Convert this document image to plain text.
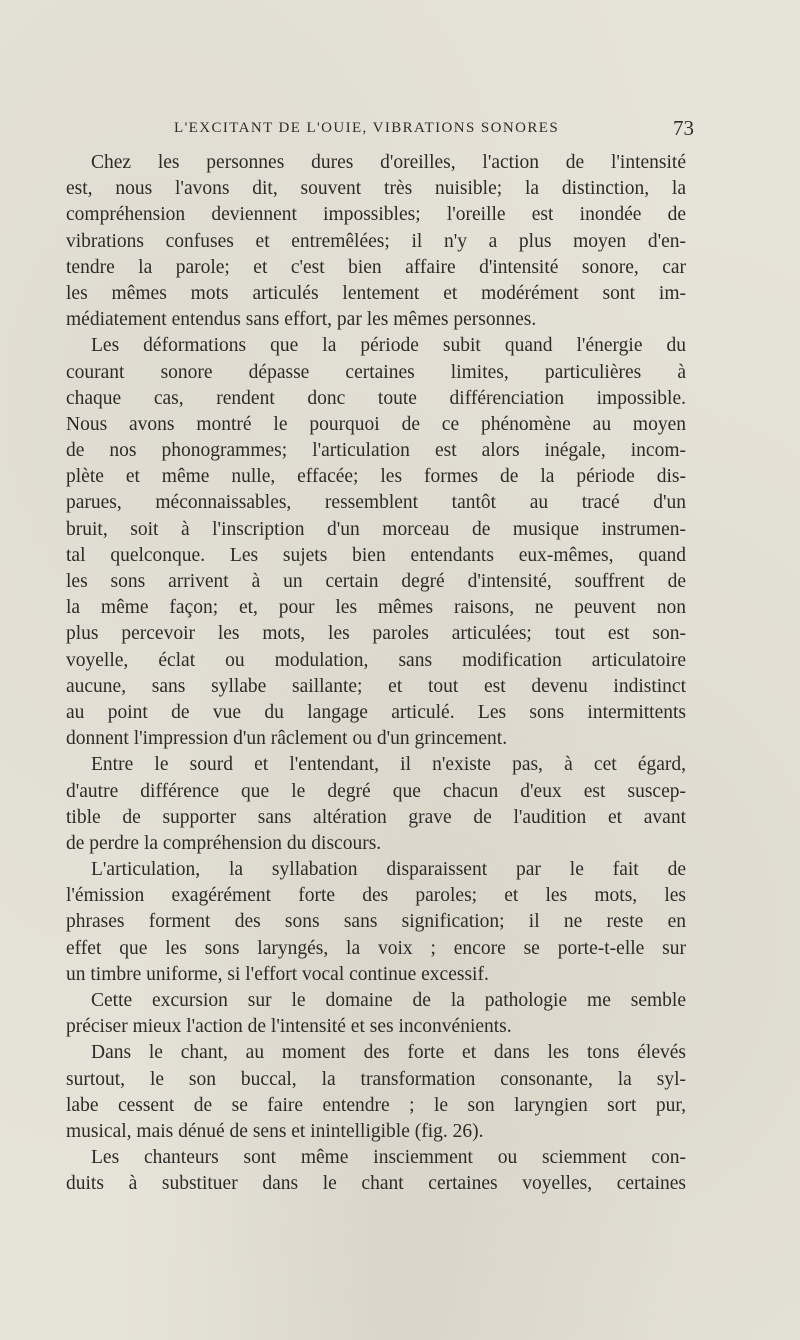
L'EXCITANT DE L'OUIE, VIBRATIONS SONORES	73
Chez les personnes dures d'oreilles, l'action de l'intensité
est, nous l'avons dit, souvent très nuisible; la distinction, la
compréhension deviennent impossibles; l'oreille est inondée de
vibrations confuses et entremêlées; il n'y a plus moyen d'en-
tendre la parole; et c'est bien affaire d'intensité sonore, car
les mêmes mots articulés lentement et modérément sont im-
médiatement entendus sans effort, par les mêmes personnes.
Les déformations que la période subit quand l'énergie du
courant sonore dépasse certaines limites, particulières à
chaque cas, rendent donc toute différenciation impossible.
Nous avons montré le pourquoi de ce phénomène au moyen
de nos phonogrammes; l'articulation est alors inégale, incom-
plète et même nulle, effacée; les formes de la période dis-
parues, méconnaissables, ressemblent tantôt au tracé d'un
bruit, soit à l'inscription d'un morceau de musique instrumen-
tal quelconque. Les sujets bien entendants eux-mêmes, quand
les sons arrivent à un certain degré d'intensité, souffrent de
la même façon; et, pour les mêmes raisons, ne peuvent non
plus percevoir les mots, les paroles articulées; tout est son-
voyelle, éclat ou modulation, sans modification articulatoire
aucune, sans syllabe saillante; et tout est devenu indistinct
au point de vue du langage articulé. Les sons intermittents
donnent l'impression d'un râclement ou d'un grincement.
Entre le sourd et l'entendant, il n'existe pas, à cet égard,
d'autre différence que le degré que chacun d'eux est suscep-
tible de supporter sans altération grave de l'audition et avant
de perdre la compréhension du discours.
L'articulation, la syllabation disparaissent par le fait de
l'émission exagérément forte des paroles; et les mots, les
phrases forment des sons sans signification; il ne reste en
effet que les sons laryngés, la voix ; encore se porte-t-elle sur
un timbre uniforme, si l'effort vocal continue excessif.
Cette excursion sur le domaine de la pathologie me semble
préciser mieux l'action de l'intensité et ses inconvénients.
Dans le chant, au moment des forte et dans les tons élevés
surtout, le son buccal, la transformation consonante, la syl-
labe cessent de se faire entendre ; le son laryngien sort pur,
musical, mais dénué de sens et inintelligible (fig. 26).
Les chanteurs sont même insciemment ou sciemment con-
duits à substituer dans le chant certaines voyelles, certaines
